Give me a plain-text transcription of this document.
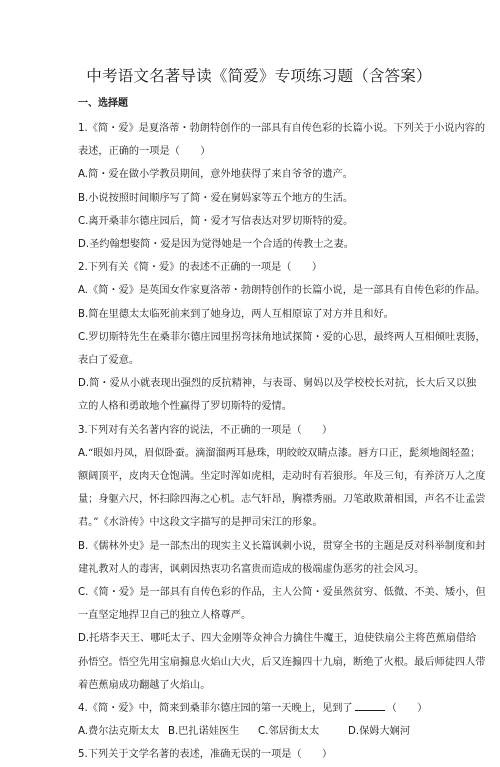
中考语文名著导读《简爱》专项练习题（含答案）
一、选择题
1.《简・爱》是夏洛蒂・勃朗特创作的一部具有自传色彩的长篇小说。下列关于小说内容的
表述，正确的一项是（　　）
A.简・爱在做小学教员期间，意外地获得了来自爷爷的遗产。
B.小说按照时间顺序写了简・爱在舅妈家等五个地方的生活。
C.离开桑菲尔德庄园后，简・爱才写信表达对罗切斯特的爱。
D.圣约翰想娶简・爱是因为觉得她是一个合适的传教士之妻。
2.下列有关《简・爱》的表述不正确的一项是（　　）
A.《简・爱》是英国女作家夏洛蒂・勃朗特创作的长篇小说，是一部具有自传色彩的作品。
B.简在里德太太临死前来到了她身边，两人互相原谅了对方并且和好。
C.罗切斯特先生在桑菲尔德庄园里拐弯抹角地试探简・爱的心思，最终两人互相倾吐衷肠，
表白了爱意。
D.简・爱从小就表现出强烈的反抗精神，与表哥、舅妈以及学校校长对抗，长大后又以独
立的人格和勇敢地个性赢得了罗切斯特的爱情。
3.下列对有关名著内容的说法，不正确的一项是（　　）
A.“眼如丹凤，眉似卧蚕。滴溜溜两耳悬珠，明皎皎双睛点漆。唇方口正，髭须地阁轻盈；
额阔顶平，皮肉天仓饱满。坐定时浑如虎相，走动时有若狼形。年及三旬，有养济万人之度
量；身躯六尺，怀扫除四海之心机。志气轩昂，胸襟秀丽。刀笔敢欺萧相国，声名不让孟尝
君。”《水浒传》中这段文字描写的是押司宋江的形象。
B.《儒林外史》是一部杰出的现实主义长篇讽刺小说，贯穿全书的主题是反对科举制度和封
建礼教对人的毒害，讽刺因热衷功名富贵而造成的极端虚伪恶劣的社会风习。
C.《简・爱》是一部具有自传色彩的作品，主人公简・爱虽然贫穷、低微、不美、矮小，但
一直坚定地捍卫自己的独立人格尊严。
D.托塔李天王、哪吒太子、四大金刚等众神合力擒住牛魔王，迫使铁扇公主将芭蕉扇借给
孙悟空。悟空先用宝扇搧息火焰山大火，后又连搧四十九扇，断绝了火根。最后师徒四人带
着芭蕉扇成功翻越了火焰山。
4.《简・爱》中，简来到桑菲尔德庄园的第一天晚上，见到了	（　　）
A.费尔法克斯太太 B.巴扎诺娃医生	C.邻居街太太	D.保姆大娴河
5.下列关于文学名著的表述，准确无误的一项是（　　）
